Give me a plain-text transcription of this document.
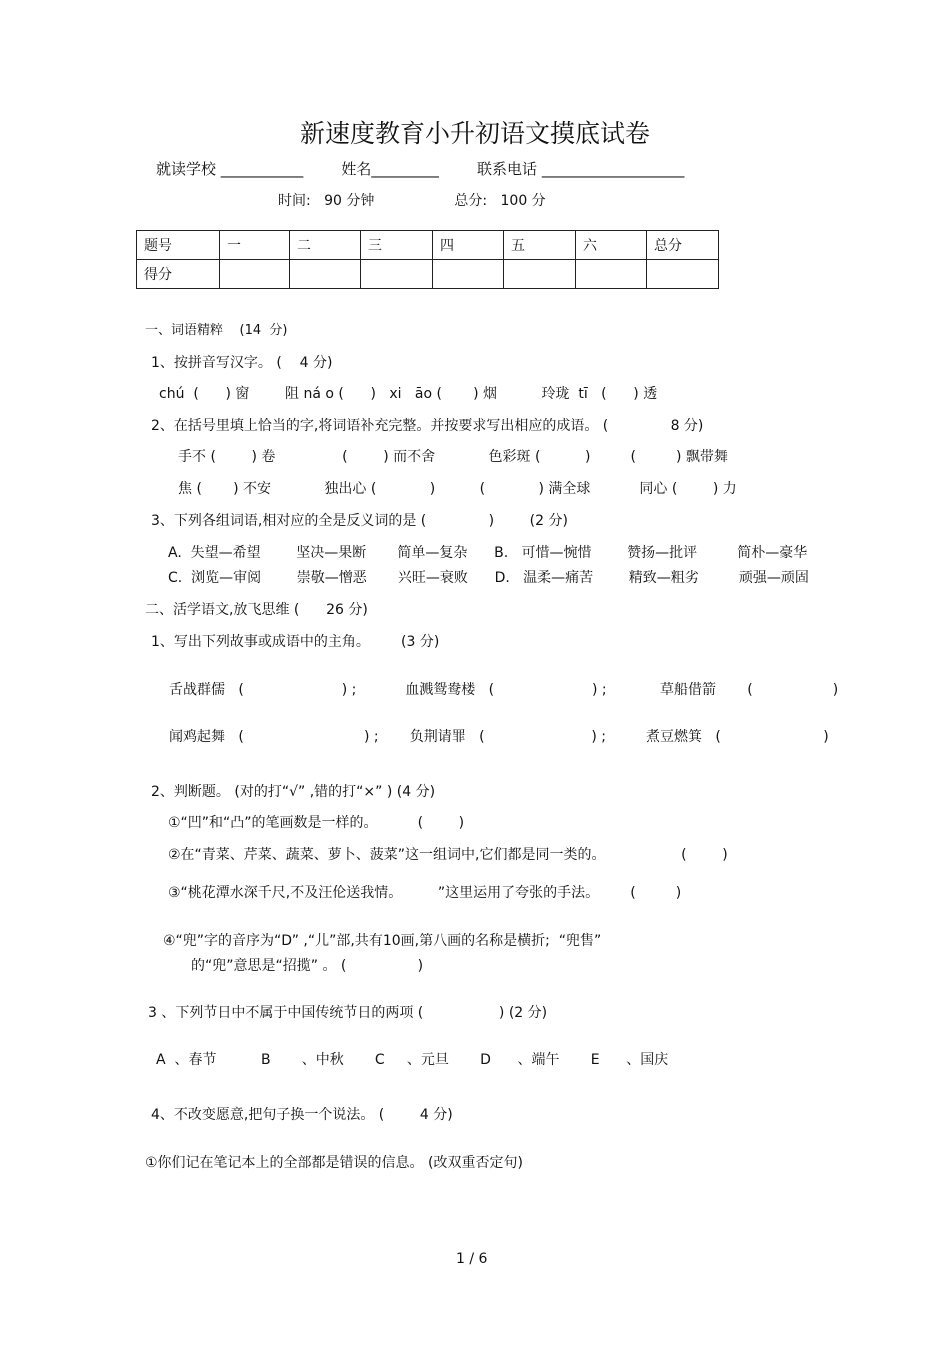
新速度教育小升初语文摸底试卷
就读学校 ___________        姓名_________        联系电话 ___________________
时间:   90 分钟                  总分:   100 分
题号	一	二	三	四	五	六	总分
得分							
一、词语精粹    (14  分)
1、按拼音写汉字。 (    4 分)
chú  (      ) 窗        阻 ná o (      )   xi   āo (       ) 烟          玲珑  tī   (      ) 透
2、在括号里填上恰当的字,将词语补充完整。并按要求写出相应的成语。 (              8 分)
手不 (        ) 卷               (        ) 而不舍            色彩斑 (          )         (         ) 飘带舞
焦 (       ) 不安            独出心 (            )          (            ) 满全球           同心 (        ) 力
3、下列各组词语,相对应的全是反义词的是 (              )        (2 分)
A.  失望—希望        坚决—果断       简单—复杂      B.   可惜—惋惜        赞扬—批评         简朴—豪华
C.  浏览—审阅        崇敬—憎恶       兴旺—衰败      D.   温柔—痛苦        精致—粗劣         顽强—顽固
二、活学语文,放飞思维 (      26 分)
1、写出下列故事或成语中的主角。       (3 分)
舌战群儒   (                      ) ;           血溅鸳鸯楼   (                      ) ;            草船借箭       (                  )
闻鸡起舞   (                           ) ;       负荆请罪   (                        ) ;         煮豆燃箕   (                       )
2、判断题。 (对的打“√” ,错的打“×” ) (4 分)
①“凹”和“凸”的笔画数是一样的。         (        )
②在“青菜、芹菜、蔬菜、萝卜、菠菜”这一组词中,它们都是同一类的。                 (        )
③“桃花潭水深千尺,不及汪伦送我情。        ”这里运用了夸张的手法。       (         )
④“兜”字的音序为“D” ,“儿”部,共有10画,第八画的名称是横折;  “兜售”
的“兜”意思是“招揽” 。 (                )
3 、下列节日中不属于中国传统节日的两项 (                 ) (2 分)
A  、春节          B       、中秋       C     、元旦       D      、端午       E      、国庆
4、不改变愿意,把句子换一个说法。 (        4 分)
①你们记在笔记本上的全部都是错误的信息。 (改双重否定句)
1 / 6
